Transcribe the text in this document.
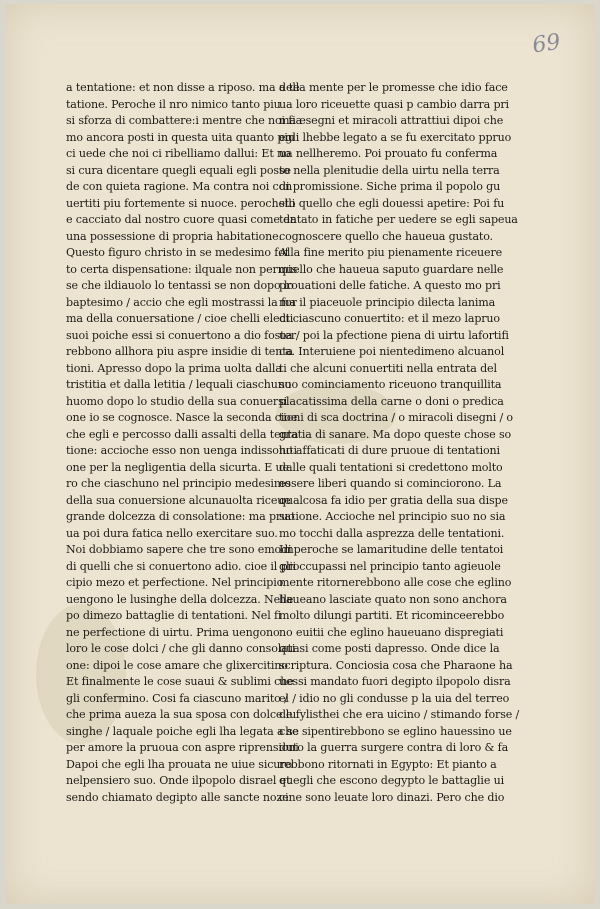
69
a tentatione: et non disse a riposo. ma a te
tatione. Peroche il nro nimico tanto piu
si sforza di combattere:i mentre che noi fia
mo ancora posti in questa uita quanto piu
ci uede che noi ci ribelliamo dallui: Et no
si cura dicentare quegli equali egli posse
de con quieta ragione. Ma contra noi con
uertiti piu fortemente si nuoce. perochelli
e cacciato dal nostro cuore quasi come da
una possessione di propria habitatione.
Questo figuro christo in se medesimo fot
to certa dispensatione: ilquale non permis
se che ildiauolo lo tentassi se non dopo lo
baptesimo / accio che egli mostrassi la for
ma della conuersatione / cioe chelli electi
suoi poiche essi si conuertono a dio foster
rebbono allhora piu aspre insidie di tenta
tioni. Apresso dopo la prima uolta dalla
tristitia et dalla letitia / lequali ciaschuno
huomo dopo lo studio della sua conuersi
one io se cognosce. Nasce la seconda cioe
che egli e percosso dalli assalti della tenta
tione: accioche esso non uenga indissoluti
one per la negligentia della sicurta. E ue
ro che ciaschuno nel principio medesimo
della sua conuersione alcunauolta riceue
grande dolcezza di consolatione: ma pruo
ua poi dura fatica nello exercitare suo.
Noi dobbiamo sapere che tre sono emodi
di quelli che si conuertono adio. cioe il pri
cipio mezo et perfectione. Nel principio
uengono le lusinghe della dolcezza. Nelle
po dimezo battaglie di tentationi. Nel fi
ne perfectione di uirtu. Prima uengono
loro le cose dolci / che gli danno consolati
one: dipoi le cose amare che glixercitino
Et finalmente le cose suaui & sublimi che
gli confermino. Cosi fa ciascuno marito /
che prima aueza la sua sposa con dolce lu
singhe / laquale poiche egli lha legata a se
per amore la pruoua con aspre riprensioni
Dapoi che egli lha prouata ne uiue sicuro
nelpensiero suo. Onde ilpopolo disrael et
sendo chiamato degipto alle sancte noze
della mente per le promesse che idio face
ua loro riceuette quasi p cambio darra pri
ma esegni et miracoli attrattiui dipoi che
egli lhebbe legato a se fu exercitato ppruo
ua nellheremo. Poi prouato fu conferma
to nella plenitudie della uirtu nella terra
di promissione. Siche prima il popolo gu
sto quello che egli douessi apetire: Poi fu
tentato in fatiche per uedere se egli sapeua
cognoscere quello che haueua gustato.
Alla fine merito piu pienamente riceuere
quello che haueua saputo guardare nelle
prouationi delle fatiche. A questo mo pri
ma il piaceuole principio dilecta lanima
di ciascuno conuertito: et il mezo lapruo
ua / poi la pfectione piena di uirtu lafortifi
ca. Interuiene poi nientedimeno alcuanol
ti che alcuni conuertiti nella entrata del
suo cominciamento riceuono tranquillita
placatissima della carne o doni o predica
tioni di sca doctrina / o miracoli disegni / o
gratia di sanare. Ma dopo queste chose so
no affaticati di dure pruoue di tentationi
dalle quali tentationi si credettono molto
essere liberi quando si cominciorono. La
qualcosa fa idio per gratia della sua dispe
satione. Accioche nel principio suo no sia
mo tocchi dalla asprezza delle tentationi.
Imperoche se lamaritudine delle tentatoi
glioccupassi nel principio tanto agieuole
mente ritornerebbono alle cose che eglino
haueano lasciate quato non sono anchora
molto dilungi partiti. Et ricominceerebbo
no euitii che eglino haueuano dispregiati
quasi come posti dapresso. Onde dice la
scriptura. Conciosia cosa che Pharaone ha
uessi mandato fuori degipto ilpopolo disra
el / idio no gli condusse p la uia del terreo
de fylisthei che era uicino / stimando forse /
che sipentirebbono se eglino hauessino ue
duto la guerra surgere contra di loro & fa
rebbono ritornati in Egypto: Et pianto a
quegli che escono degypto le battaglie ui
cine sono leuate loro dinazi. Pero che dio
